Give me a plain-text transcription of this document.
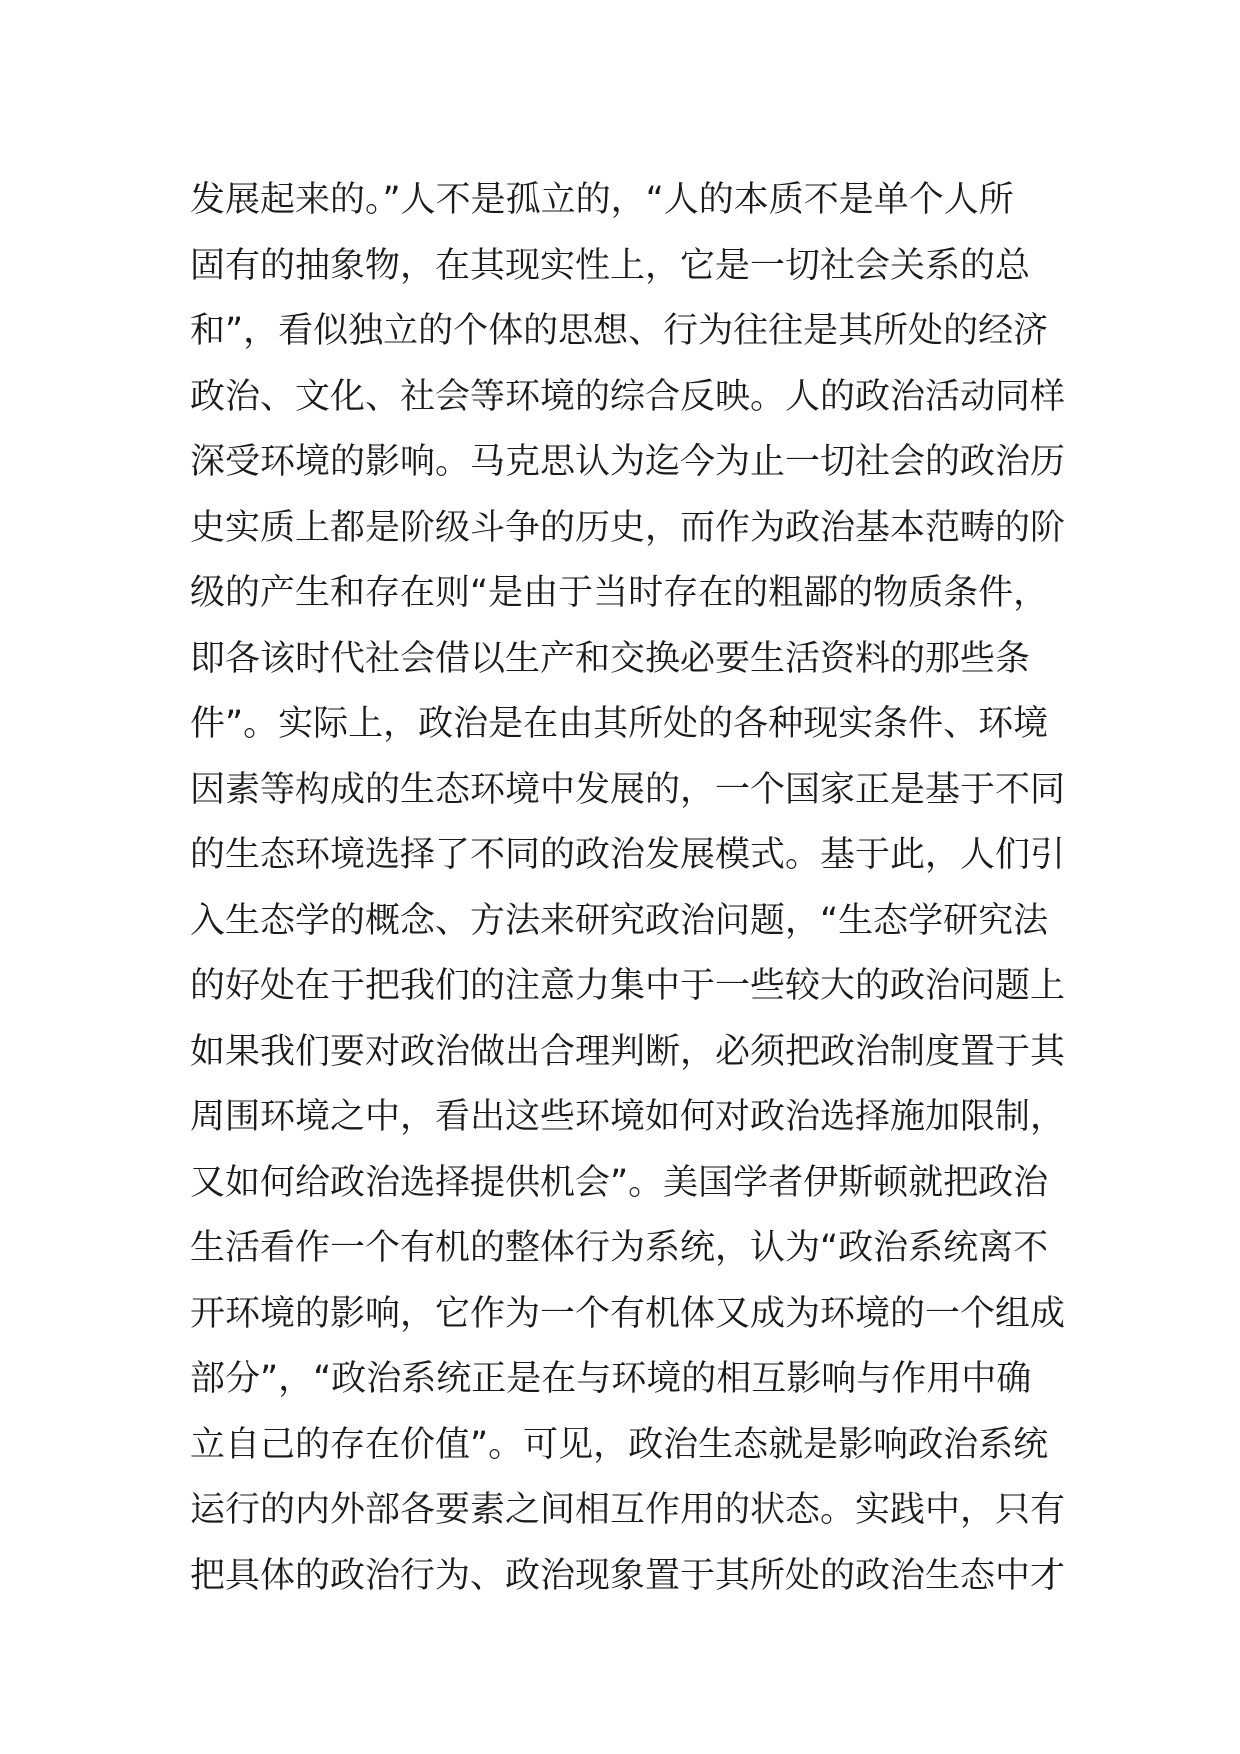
发展起来的。”人不是孤立的，“人的本质不是单个人所
固有的抽象物，在其现实性上，它是一切社会关系的总
和”，看似独立的个体的思想、行为往往是其所处的经济
政治、文化、社会等环境的综合反映。人的政治活动同样
深受环境的影响。马克思认为迄今为止一切社会的政治历
史实质上都是阶级斗争的历史，而作为政治基本范畴的阶
级的产生和存在则“是由于当时存在的粗鄙的物质条件，
即各该时代社会借以生产和交换必要生活资料的那些条
件”。实际上，政治是在由其所处的各种现实条件、环境
因素等构成的生态环境中发展的，一个国家正是基于不同
的生态环境选择了不同的政治发展模式。基于此，人们引
入生态学的概念、方法来研究政治问题，“生态学研究法
的好处在于把我们的注意力集中于一些较大的政治问题上
如果我们要对政治做出合理判断，必须把政治制度置于其
周围环境之中，看出这些环境如何对政治选择施加限制，
又如何给政治选择提供机会”。美国学者伊斯顿就把政治
生活看作一个有机的整体行为系统，认为“政治系统离不
开环境的影响，它作为一个有机体又成为环境的一个组成
部分”，“政治系统正是在与环境的相互影响与作用中确
立自己的存在价值”。可见，政治生态就是影响政治系统
运行的内外部各要素之间相互作用的状态。实践中，只有
把具体的政治行为、政治现象置于其所处的政治生态中才
